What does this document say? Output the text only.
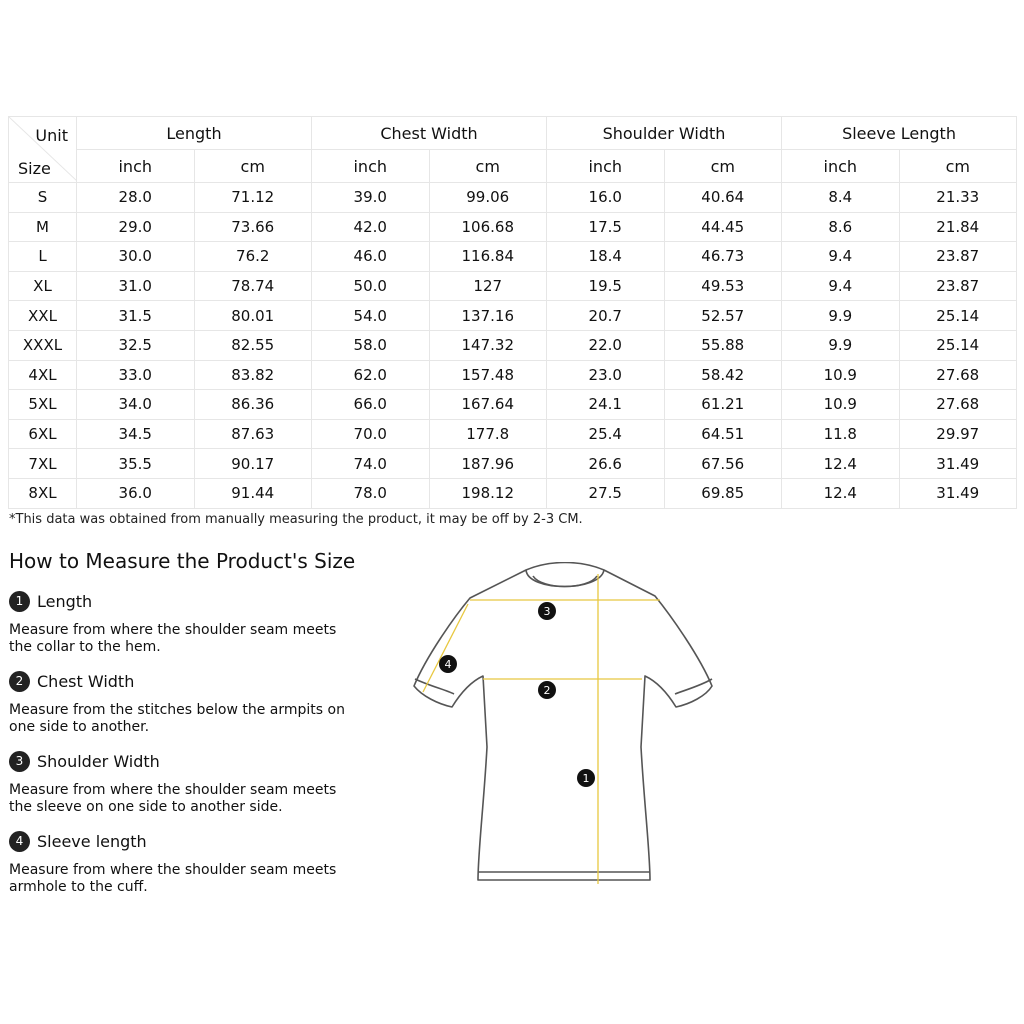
Unit
Size	Length		Chest Width		Shoulder Width		Sleeve Length	
	inch	cm	inch	cm	inch	cm	inch	cm
S	28.0	71.12	39.0	99.06	16.0	40.64	8.4	21.33
M	29.0	73.66	42.0	106.68	17.5	44.45	8.6	21.84
L	30.0	76.2	46.0	116.84	18.4	46.73	9.4	23.87
XL	31.0	78.74	50.0	127	19.5	49.53	9.4	23.87
XXL	31.5	80.01	54.0	137.16	20.7	52.57	9.9	25.14
XXXL	32.5	82.55	58.0	147.32	22.0	55.88	9.9	25.14
4XL	33.0	83.82	62.0	157.48	23.0	58.42	10.9	27.68
5XL	34.0	86.36	66.0	167.64	24.1	61.21	10.9	27.68
6XL	34.5	87.63	70.0	177.8	25.4	64.51	11.8	29.97
7XL	35.5	90.17	74.0	187.96	26.6	67.56	12.4	31.49
8XL	36.0	91.44	78.0	198.12	27.5	69.85	12.4	31.49
*This data was obtained from manually measuring the product, it may be off by 2-3 CM.
How to Measure the Product's Size
1 Length
Measure from where the shoulder seam meets the collar to the hem.
2 Chest Width
Measure from the stitches below the armpits on one side to another.
3 Shoulder Width
Measure from where the shoulder seam meets the sleeve on one side to another side.
4 Sleeve length
Measure from where the shoulder seam meets armhole to the cuff.
3
2
1
4
